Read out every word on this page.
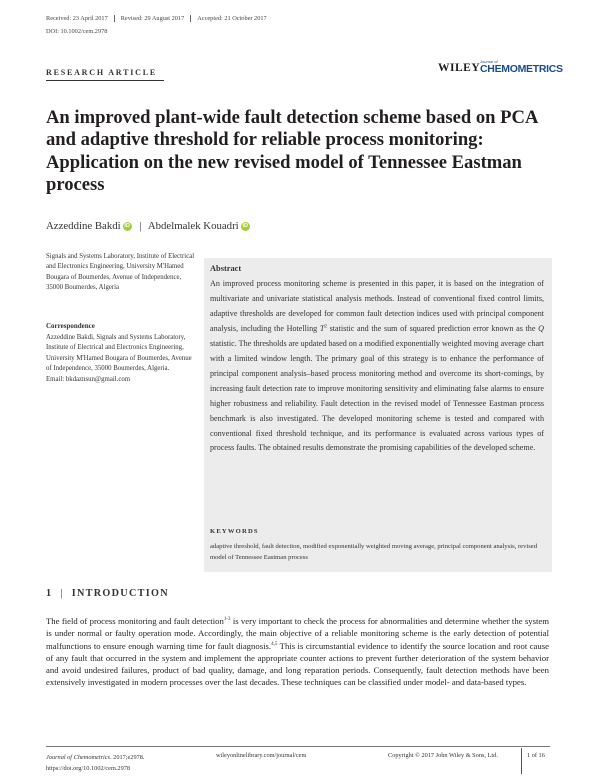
Received: 23 April 2017	Revised: 29 August 2017	Accepted: 21 October 2017
DOI: 10.1002/cem.2978
RESEARCH ARTICLE	WILEY
Journal of
CHEMOMETRICS
An improved plant-wide fault detection scheme based on PCA and adaptive threshold for reliable process monitoring: Application on the new revised model of Tennessee Eastman process
Azzeddine Bakdi iD | Abdelmalek Kouadri iD
Signals and Systems Laboratory, Institute of Electrical and Electronics Engineering, University M'Hamed Bougara of Boumerdes, Avenue of Independence, 35000 Boumerdes, Algeria
Correspondence
Azzeddine Bakdi, Signals and Systems Laboratory, Institute of Electrical and Electronics Engineering, University M'Hamed Bougara of Boumerdes, Avenue of Independence, 35000 Boumerdes, Algeria.
Email: bkdaznsun@gmail.com
Abstract

An improved process monitoring scheme is presented in this paper, it is based on the integration of multivariate and univariate statistical analysis methods. Instead of conventional fixed control limits, adaptive thresholds are developed for common fault detection indices used with principal component analysis, including the Hotelling $T^2$ statistic and the sum of squared prediction error known as the Q statistic. The thresholds are updated based on a modified exponentially weighted moving average chart with a limited window length. The primary goal of this strategy is to enhance the performance of principal component analysis–based process monitoring method and overcome its short-comings, by increasing fault detection rate to improve monitoring sensitivity and eliminating false alarms to ensure higher robustness and reliability. Fault detection in the revised model of Tennessee Eastman process benchmark is also investigated. The developed monitoring scheme is tested and compared with conventional fixed threshold technique, and its performance is evaluated across various types of process faults. The obtained results demonstrate the promising capabilities of the developed scheme.

KEYWORDS

adaptive threshold, fault detection, modified exponentially weighted moving average, principal component analysis, revised model of Tennessee Eastman process

1 | INTRODUCTION

The field of process monitoring and fault detection$^{1-3}$ is very important to check the process for abnormalities and determine whether the system is under normal or faulty operation mode. Accordingly, the main objective of a reliable monitoring scheme is the early detection of potential malfunctions to ensure enough warning time for fault diagnosis.$^{4,5}$ This is circumstantial evidence to identify the source location and root cause of any fault that occurred in the system and implement the appropriate counter actions to prevent further deterioration of the system behavior and avoid undesired failures, product of bad quality, damage, and long reparation periods. Consequently, fault detection methods have been extensively investigated in modern processes over the last decades. These techniques can be classified under model- and data-based types.

Journal of Chemometrics. 2017;e2978.
https://doi.org/10.1002/cem.2978
wileyonlinelibrary.com/journal/cem	Copyright © 2017 John Wiley & Sons, Ltd.	1 of 16
